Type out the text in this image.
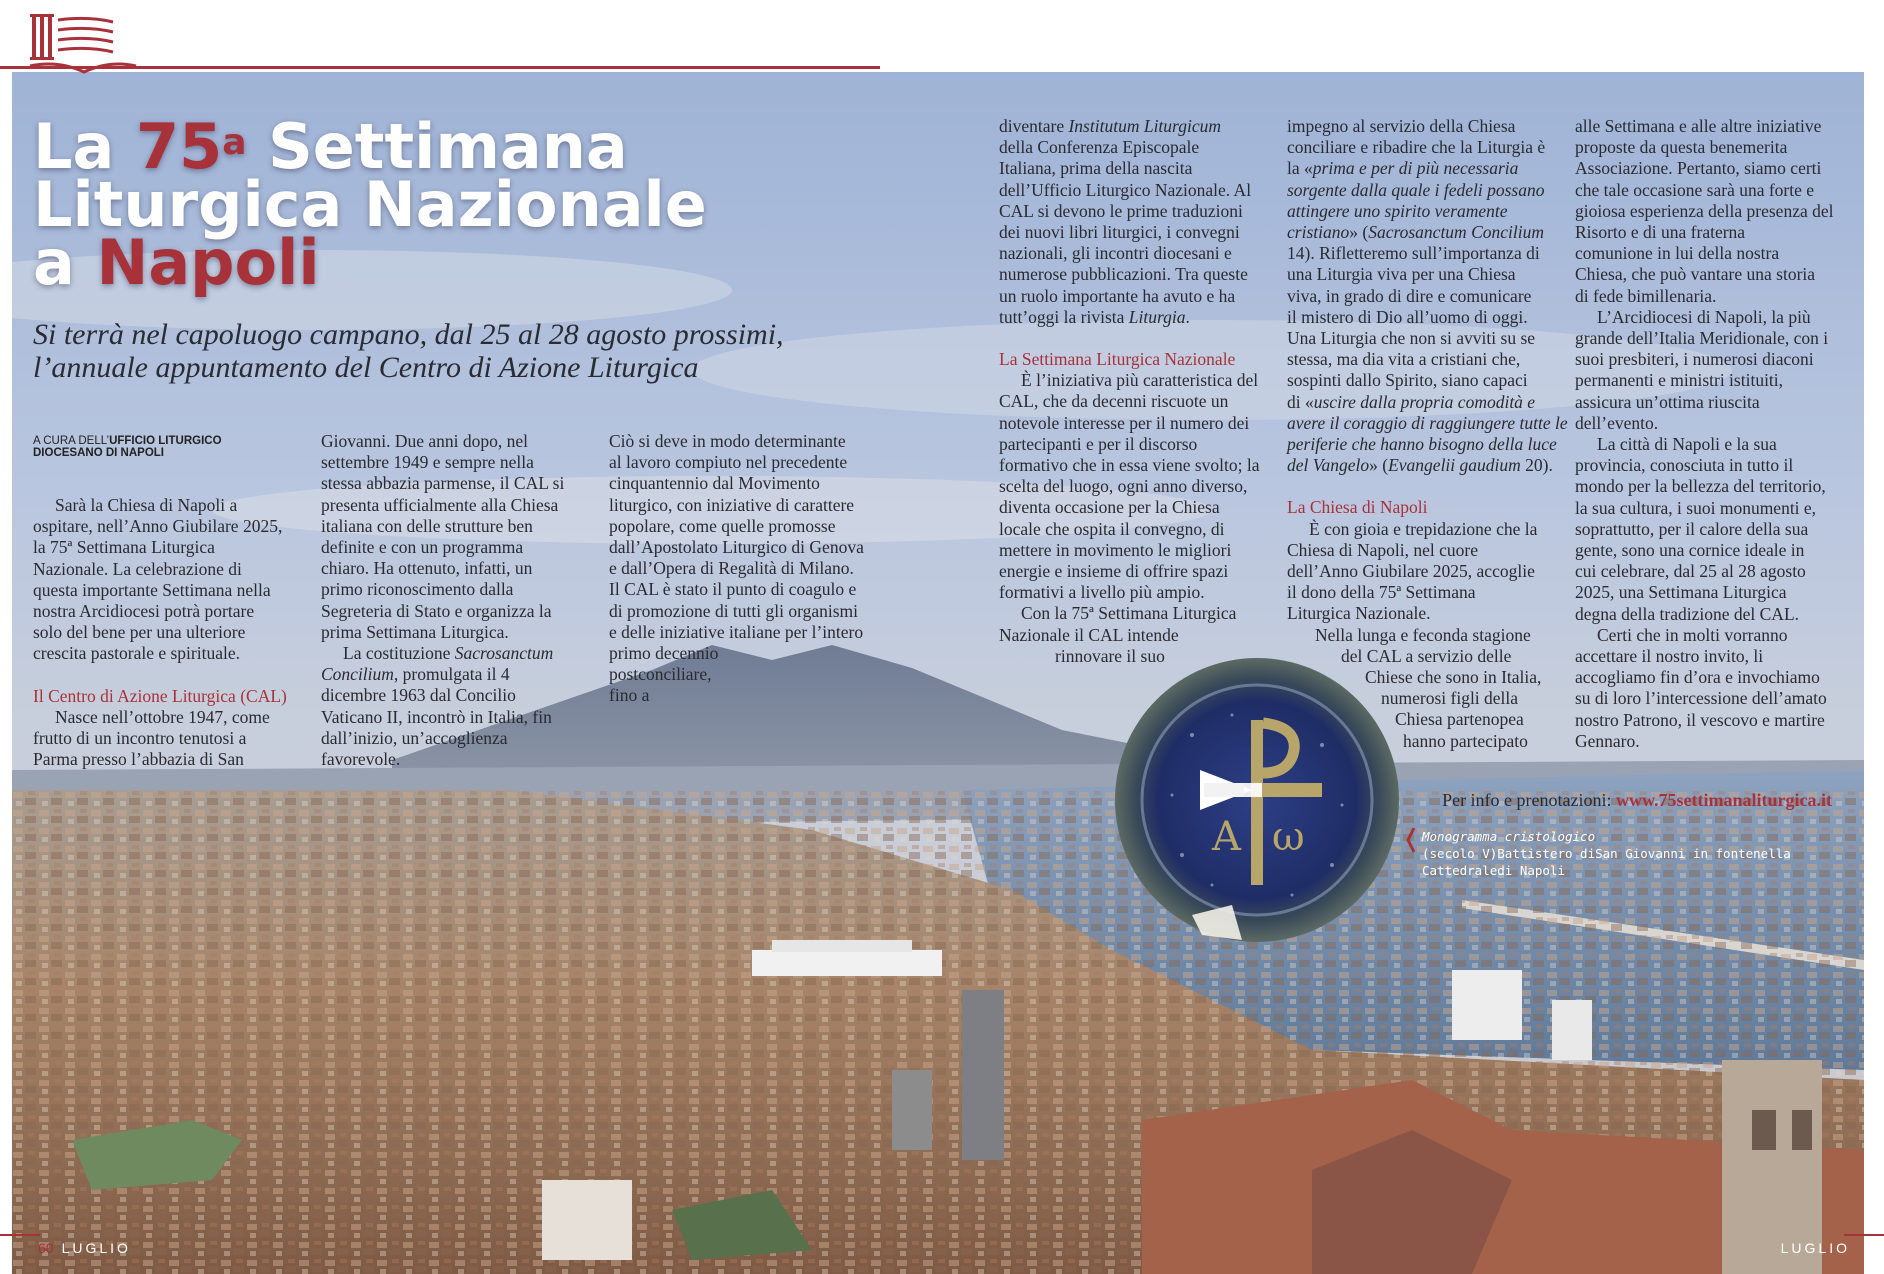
La 75$^a$ Settimana
Liturgica Nazionale
a Napoli
Si terrà nel capoluogo campano, dal 25 al 28 agosto prossimi, l’annuale appuntamento del Centro di Azione Liturgica
A CURA DELL’UFFICIO LITURGICO
DIOCESANO DI NAPOLI
Sarà la Chiesa di Napoli a
ospitare, nell’Anno Giubilare 2025,
la 75ª Settimana Liturgica
Nazionale. La celebrazione di
questa importante Settimana nella
nostra Arcidiocesi potrà portare
solo del bene per una ulteriore
crescita pastorale e spirituale.
Il Centro di Azione Liturgica (CAL)
Nasce nell’ottobre 1947, come
frutto di un incontro tenutosi a
Parma presso l’abbazia di San
Giovanni. Due anni dopo, nel
settembre 1949 e sempre nella
stessa abbazia parmense, il CAL si
presenta ufficialmente alla Chiesa
italiana con delle strutture ben
definite e con un programma
chiaro. Ha ottenuto, infatti, un
primo riconoscimento dalla
Segreteria di Stato e organizza la
prima Settimana Liturgica.
La costituzione Sacrosanctum
Concilium, promulgata il 4
dicembre 1963 dal Concilio
Vaticano II, incontrò in Italia, fin
dall’inizio, un’accoglienza
favorevole.
Ciò si deve in modo determinante
al lavoro compiuto nel precedente
cinquantennio dal Movimento
liturgico, con iniziative di carattere
popolare, come quelle promosse
dall’Apostolato Liturgico di Genova
e dall’Opera di Regalità di Milano.
Il CAL è stato il punto di coagulo e
di promozione di tutti gli organismi
e delle iniziative italiane per l’intero
primo decennio
postconciliare,
fino a
diventare Institutum Liturgicum
della Conferenza Episcopale
Italiana, prima della nascita
dell’Ufficio Liturgico Nazionale. Al
CAL si devono le prime traduzioni
dei nuovi libri liturgici, i convegni
nazionali, gli incontri diocesani e
numerose pubblicazioni. Tra queste
un ruolo importante ha avuto e ha
tutt’oggi la rivista Liturgia.
La Settimana Liturgica Nazionale
È l’iniziativa più caratteristica del
CAL, che da decenni riscuote un
notevole interesse per il numero dei
partecipanti e per il discorso
formativo che in essa viene svolto; la
scelta del luogo, ogni anno diverso,
diventa occasione per la Chiesa
locale che ospita il convegno, di
mettere in movimento le migliori
energie e insieme di offrire spazi
formativi a livello più ampio.
Con la 75ª Settimana Liturgica
Nazionale il CAL intende
rinnovare il suo
impegno al servizio della Chiesa
conciliare e ribadire che la Liturgia è
la «prima e per di più necessaria
sorgente dalla quale i fedeli possano
attingere uno spirito veramente
cristiano» (Sacrosanctum Concilium
14). Rifletteremo sull’importanza di
una Liturgia viva per una Chiesa
viva, in grado di dire e comunicare
il mistero di Dio all’uomo di oggi.
Una Liturgia che non si avviti su se
stessa, ma dia vita a cristiani che,
sospinti dallo Spirito, siano capaci
di «uscire dalla propria comodità e
avere il coraggio di raggiungere tutte le
periferie che hanno bisogno della luce
del Vangelo» (Evangelii gaudium 20).
La Chiesa di Napoli
È con gioia e trepidazione che la
Chiesa di Napoli, nel cuore
dell’Anno Giubilare 2025, accoglie
il dono della 75ª Settimana
Liturgica Nazionale.
Nella lunga e feconda stagione
del CAL a servizio delle
Chiese che sono in Italia,
numerosi figli della
Chiesa partenopea
hanno partecipato
alle Settimana e alle altre iniziative
proposte da questa benemerita
Associazione. Pertanto, siamo certi
che tale occasione sarà una forte e
gioiosa esperienza della presenza del
Risorto e di una fraterna
comunione in lui della nostra
Chiesa, che può vantare una storia
di fede bimillenaria.
L’Arcidiocesi di Napoli, la più
grande dell’Italia Meridionale, con i
suoi presbiteri, i numerosi diaconi
permanenti e ministri istituiti,
assicura un’ottima riuscita
dell’evento.
La città di Napoli e la sua
provincia, conosciuta in tutto il
mondo per la bellezza del territorio,
la sua cultura, i suoi monumenti e,
soprattutto, per il calore della sua
gente, sono una cornice ideale in
cui celebrare, dal 25 al 28 agosto
2025, una Settimana Liturgica
degna della tradizione del CAL.
Certi che in molti vorranno
accettare il nostro invito, li
accogliamo fin d’ora e invochiamo
su di loro l’intercessione dell’amato
nostro Patrono, il vescovo e martire
Gennaro.
A ω	Monogramma cristologico
(secolo V)Battistero diSan Giovanni in fontenella Cattedraledi Napoli
Per info e prenotazioni: www.75settimanaliturgica.it
60 LUGLIO	LUGLIO
